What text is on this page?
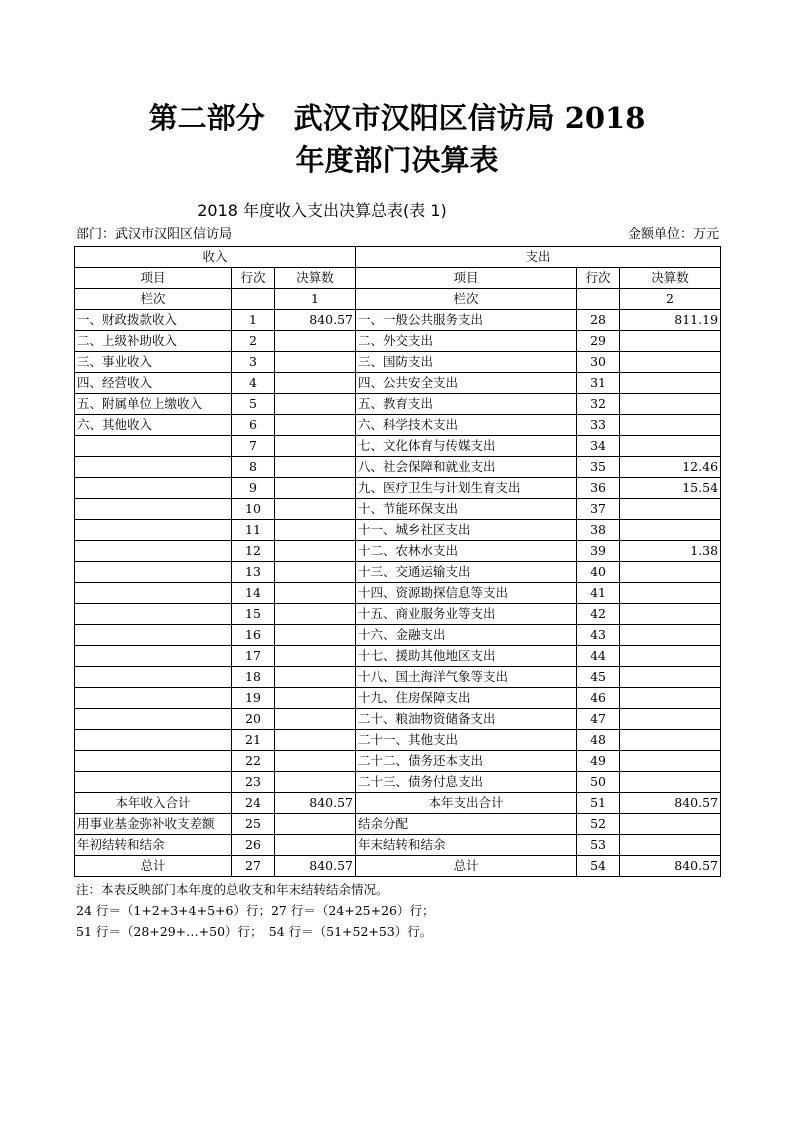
第二部分　武汉市汉阳区信访局 2018
年度部门决算表
2018 年度收入支出决算总表(表 1)
部门：武汉市汉阳区信访局	金额单位：万元
收入			支出		
项目	行次	决算数	项目	行次	决算数
栏次		1	栏次		2
一、财政拨款收入	1	840.57	一、一般公共服务支出	28	811.19
二、上级补助收入	2		二、外交支出	29	
三、事业收入	3		三、国防支出	30	
四、经营收入	4		四、公共安全支出	31	
五、附属单位上缴收入	5		五、教育支出	32	
六、其他收入	6		六、科学技术支出	33	
	7		七、文化体育与传媒支出	34	
	8		八、社会保障和就业支出	35	12.46
	9		九、医疗卫生与计划生育支出	36	15.54
	10		十、节能环保支出	37	
	11		十一、城乡社区支出	38	
	12		十二、农林水支出	39	1.38
	13		十三、交通运输支出	40	
	14		十四、资源勘探信息等支出	41	
	15		十五、商业服务业等支出	42	
	16		十六、金融支出	43	
	17		十七、援助其他地区支出	44	
	18		十八、国土海洋气象等支出	45	
	19		十九、住房保障支出	46	
	20		二十、粮油物资储备支出	47	
	21		二十一、其他支出	48	
	22		二十二、债务还本支出	49	
	23		二十三、债务付息支出	50	
本年收入合计	24	840.57	本年支出合计	51	840.57
用事业基金弥补收支差额	25		结余分配	52	
年初结转和结余	26		年末结转和结余	53	
总计	27	840.57	总计	54	840.57
注：本表反映部门本年度的总收支和年末结转结余情况。
24 行＝（1+2+3+4+5+6）行；27 行＝（24+25+26）行；
51 行＝（28+29+…+50）行；　54 行＝（51+52+53）行。
